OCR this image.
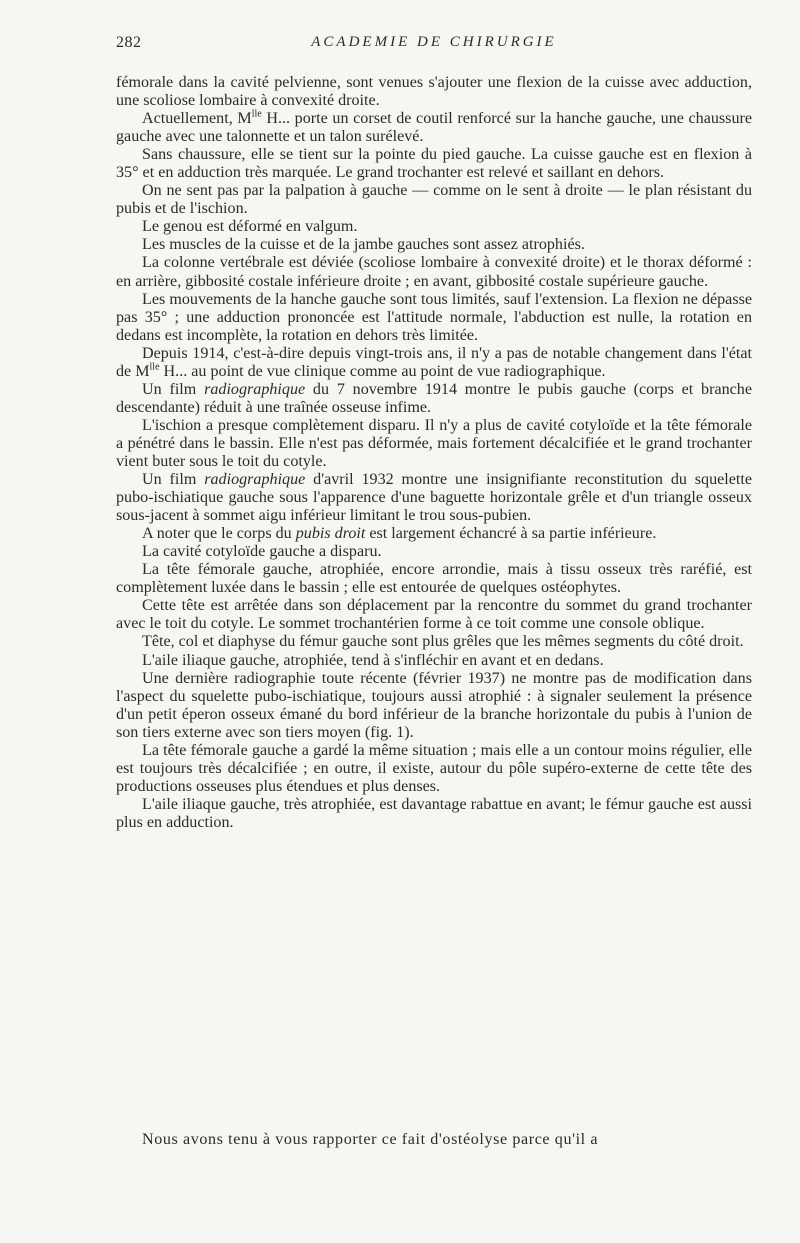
282	ACADEMIE DE CHIRURGIE

fémorale dans la cavité pelvienne, sont venues s'ajouter une flexion de la cuisse avec adduction, une scoliose lombaire à convexité droite.

Actuellement, $M^{lle}$ H... porte un corset de coutil renforcé sur la hanche gauche, une chaussure gauche avec une talonnette et un talon surélevé.

Sans chaussure, elle se tient sur la pointe du pied gauche. La cuisse gauche est en flexion à 35° et en adduction très marquée. Le grand trochanter est relevé et saillant en dehors.

On ne sent pas par la palpation à gauche — comme on le sent à droite — le plan résistant du pubis et de l'ischion.

Le genou est déformé en valgum.

Les muscles de la cuisse et de la jambe gauches sont assez atrophiés.

La colonne vertébrale est déviée (scoliose lombaire à convexité droite) et le thorax déformé : en arrière, gibbosité costale inférieure droite ; en avant, gibbosité costale supérieure gauche.

Les mouvements de la hanche gauche sont tous limités, sauf l'extension. La flexion ne dépasse pas 35° ; une adduction prononcée est l'attitude normale, l'abduction est nulle, la rotation en dedans est incomplète, la rotation en dehors très limitée.

Depuis 1914, c'est-à-dire depuis vingt-trois ans, il n'y a pas de notable changement dans l'état de $M^{lle}$ H... au point de vue clinique comme au point de vue radiographique.

Un film radiographique du 7 novembre 1914 montre le pubis gauche (corps et branche descendante) réduit à une traînée osseuse infime.

L'ischion a presque complètement disparu. Il n'y a plus de cavité cotyloïde et la tête fémorale a pénétré dans le bassin. Elle n'est pas déformée, mais fortement décalcifiée et le grand trochanter vient buter sous le toit du cotyle.

Un film radiographique d'avril 1932 montre une insignifiante reconstitution du squelette pubo-ischiatique gauche sous l'apparence d'une baguette horizontale grêle et d'un triangle osseux sous-jacent à sommet aigu inférieur limitant le trou sous-pubien.

A noter que le corps du pubis droit est largement échancré à sa partie inférieure.

La cavité cotyloïde gauche a disparu.

La tête fémorale gauche, atrophiée, encore arrondie, mais à tissu osseux très raréfié, est complètement luxée dans le bassin ; elle est entourée de quelques ostéophytes.

Cette tête est arrêtée dans son déplacement par la rencontre du sommet du grand trochanter avec le toit du cotyle. Le sommet trochantérien forme à ce toit comme une console oblique.

Tête, col et diaphyse du fémur gauche sont plus grêles que les mêmes segments du côté droit.

L'aile iliaque gauche, atrophiée, tend à s'infléchir en avant et en dedans.

Une dernière radiographie toute récente (février 1937) ne montre pas de modification dans l'aspect du squelette pubo-ischiatique, toujours aussi atrophié : à signaler seulement la présence d'un petit éperon osseux émané du bord inférieur de la branche horizontale du pubis à l'union de son tiers externe avec son tiers moyen (fig. 1).

La tête fémorale gauche a gardé la même situation ; mais elle a un contour moins régulier, elle est toujours très décalcifiée ; en outre, il existe, autour du pôle supéro-externe de cette tête des productions osseuses plus étendues et plus denses.

L'aile iliaque gauche, très atrophiée, est davantage rabattue en avant; le fémur gauche est aussi plus en adduction.

Nous avons tenu à vous rapporter ce fait d'ostéolyse parce qu'il a
